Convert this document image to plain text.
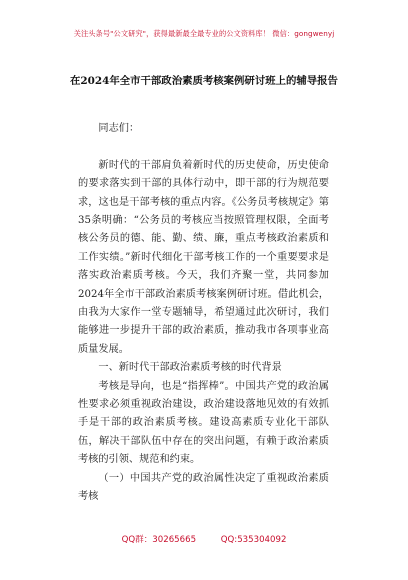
关注头条号"公文研究"，获得最新最全最专业的公文资料库！ 微信：gongwenyj
在2024年全市干部政治素质考核案例研讨班上的辅导报告

同志们：

新时代的干部肩负着新时代的历史使命，历史使命的要求落实到干部的具体行动中，即干部的行为规范要求，这也是干部考核的重点内容。《公务员考核规定》第35条明确：“公务员的考核应当按照管理权限，全面考核公务员的德、能、勤、绩、廉，重点考核政治素质和工作实绩。”新时代细化干部考核工作的一个重要要求是落实政治素质考核。今天，我们齐聚一堂，共同参加2024年全市干部政治素质考核案例研讨班。借此机会，由我为大家作一堂专题辅导，希望通过此次研讨，我们能够进一步提升干部的政治素质，推动我市各项事业高质量发展。

一、新时代干部政治素质考核的时代背景

考核是导向，也是“指挥棒”。中国共产党的政治属性要求必须重视政治建设，政治建设落地见效的有效抓手是干部的政治素质考核。建设高素质专业化干部队伍，解决干部队伍中存在的突出问题，有赖于政治素质考核的引领、规范和约束。

（一）中国共产党的政治属性决定了重视政治素质考核

QQ群：30265665	QQ:535304092
